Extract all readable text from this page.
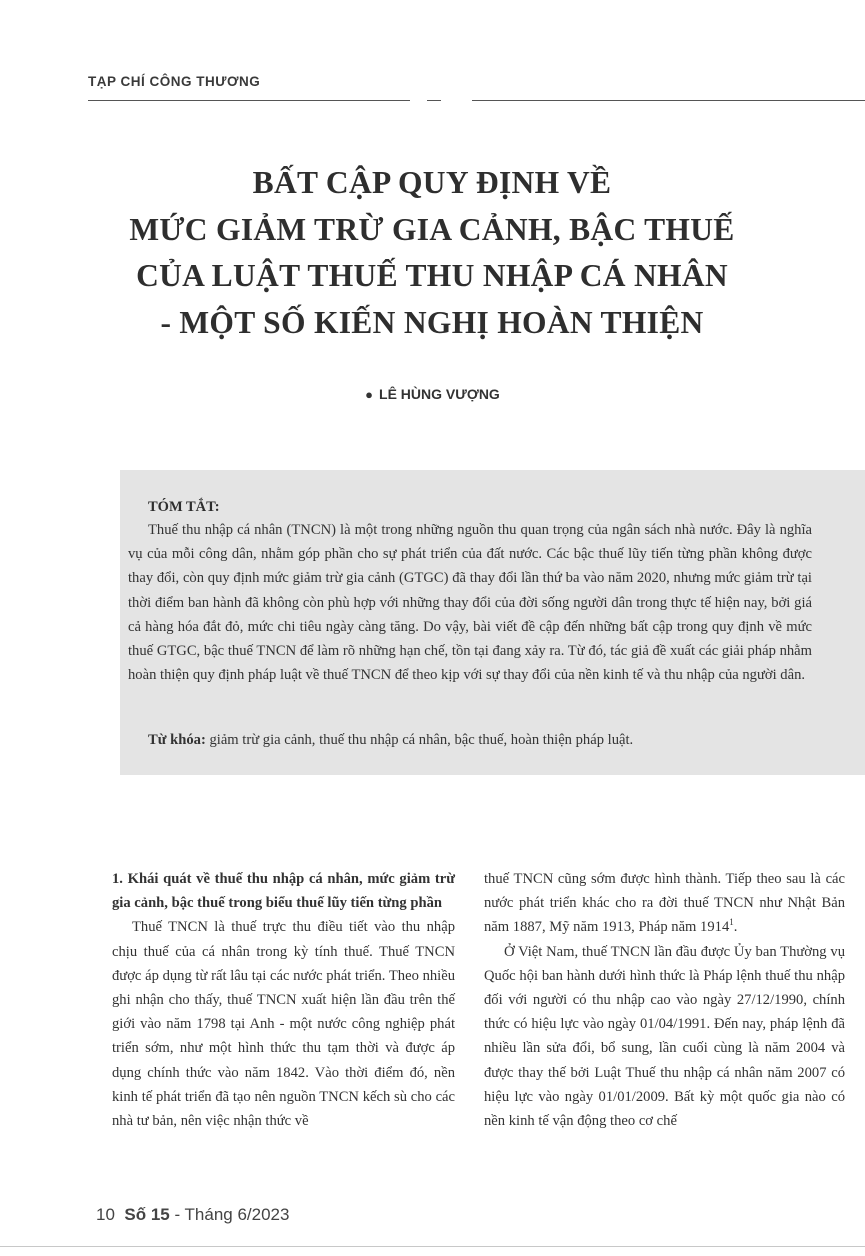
TẠP CHÍ CÔNG THƯƠNG
BẤT CẬP QUY ĐỊNH VỀ
MỨC GIẢM TRỪ GIA CẢNH, BẬC THUẾ
CỦA LUẬT THUẾ THU NHẬP CÁ NHÂN
- MỘT SỐ KIẾN NGHỊ HOÀN THIỆN
● LÊ HÙNG VƯỢNG
TÓM TẮT:
Thuế thu nhập cá nhân (TNCN) là một trong những nguồn thu quan trọng của ngân sách nhà nước. Đây là nghĩa vụ của mỗi công dân, nhằm góp phần cho sự phát triển của đất nước. Các bậc thuế lũy tiến từng phần không được thay đổi, còn quy định mức giảm trừ gia cảnh (GTGC) đã thay đổi lần thứ ba vào năm 2020, nhưng mức giảm trừ tại thời điểm ban hành đã không còn phù hợp với những thay đổi của đời sống người dân trong thực tế hiện nay, bởi giá cả hàng hóa đắt đỏ, mức chi tiêu ngày càng tăng. Do vậy, bài viết đề cập đến những bất cập trong quy định về mức thuế GTGC, bậc thuế TNCN để làm rõ những hạn chế, tồn tại đang xảy ra. Từ đó, tác giả đề xuất các giải pháp nhằm hoàn thiện quy định pháp luật về thuế TNCN để theo kịp với sự thay đổi của nền kinh tế và thu nhập của người dân.
Từ khóa: giảm trừ gia cảnh, thuế thu nhập cá nhân, bậc thuế, hoàn thiện pháp luật.
1. Khái quát về thuế thu nhập cá nhân, mức giảm trừ gia cảnh, bậc thuế trong biểu thuế lũy tiến từng phần
Thuế TNCN là thuế trực thu điều tiết vào thu nhập chịu thuế của cá nhân trong kỳ tính thuế. Thuế TNCN được áp dụng từ rất lâu tại các nước phát triển. Theo nhiều ghi nhận cho thấy, thuế TNCN xuất hiện lần đầu trên thế giới vào năm 1798 tại Anh - một nước công nghiệp phát triển sớm, như một hình thức thu tạm thời và được áp dụng chính thức vào năm 1842. Vào thời điểm đó, nền kinh tế phát triển đã tạo nên nguồn TNCN kếch sù cho các nhà tư bản, nên việc nhận thức về
thuế TNCN cũng sớm được hình thành. Tiếp theo sau là các nước phát triển khác cho ra đời thuế TNCN như Nhật Bản năm 1887, Mỹ năm 1913, Pháp năm 1914$^1$.
Ở Việt Nam, thuế TNCN lần đầu được Ủy ban Thường vụ Quốc hội ban hành dưới hình thức là Pháp lệnh thuế thu nhập đối với người có thu nhập cao vào ngày 27/12/1990, chính thức có hiệu lực vào ngày 01/04/1991. Đến nay, pháp lệnh đã nhiều lần sửa đổi, bổ sung, lần cuối cùng là năm 2004 và được thay thế bởi Luật Thuế thu nhập cá nhân năm 2007 có hiệu lực vào ngày 01/01/2009. Bất kỳ một quốc gia nào có nền kinh tế vận động theo cơ chế
10 Số 15 - Tháng 6/2023
